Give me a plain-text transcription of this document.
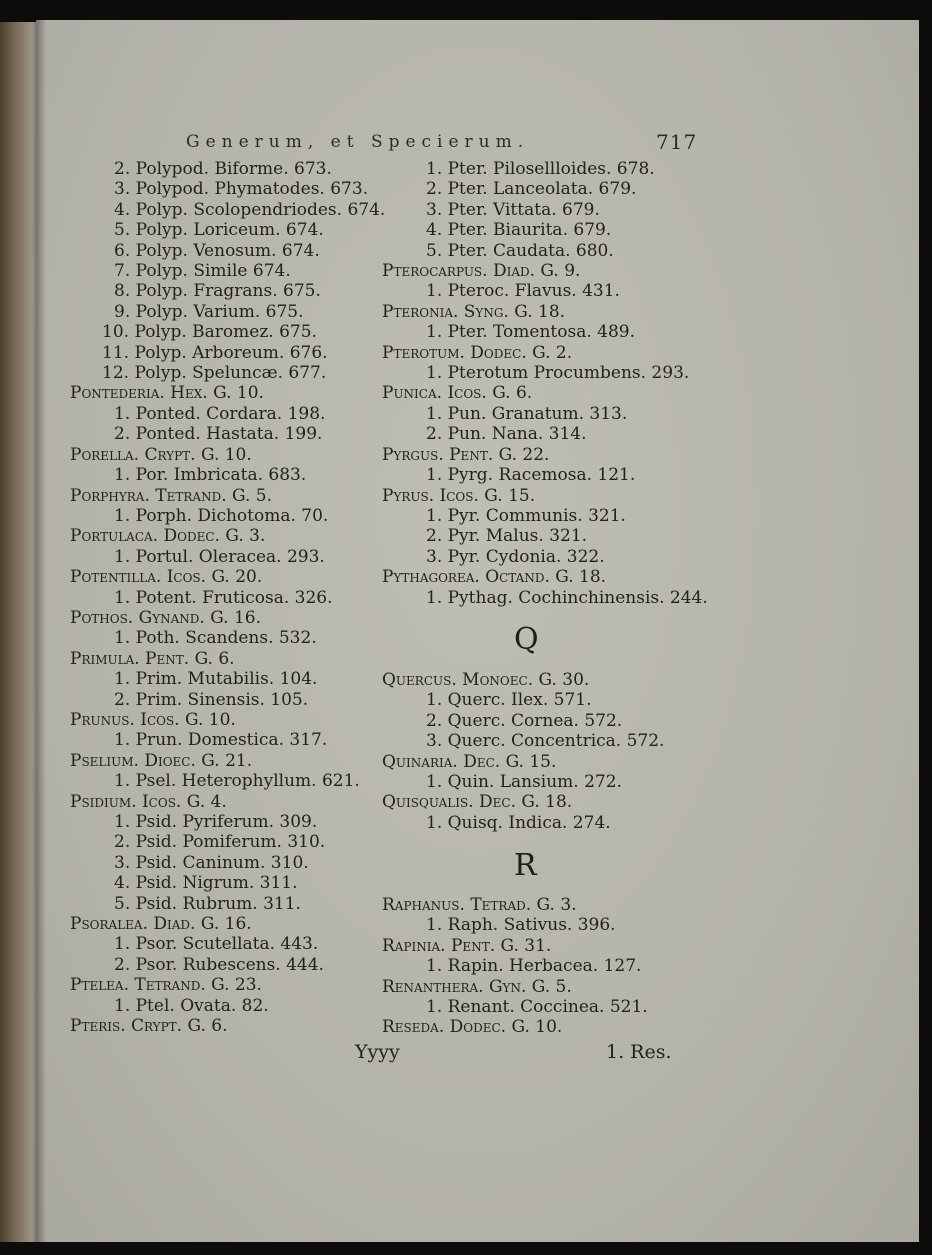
Generum, et Specierum.	717
2. Polypod. Biforme. 673.
3. Polypod. Phymatodes. 673.
4. Polyp. Scolopendriodes. 674.
5. Polyp. Loriceum. 674.
6. Polyp. Venosum. 674.
7. Polyp. Simile 674.
8. Polyp. Fragrans. 675.
9. Polyp. Varium. 675.
10. Polyp. Baromez. 675.
11. Polyp. Arboreum. 676.
12. Polyp. Speluncæ. 677.
Pontederia. Hex. G. 10.
1. Ponted. Cordara. 198.
2. Ponted. Hastata. 199.
Porella. Crypt. G. 10.
1. Por. Imbricata. 683.
Porphyra. Tetrand. G. 5.
1. Porph. Dichotoma. 70.
Portulaca. Dodec. G. 3.
1. Portul. Oleracea. 293.
Potentilla. Icos. G. 20.
1. Potent. Fruticosa. 326.
Pothos. Gynand. G. 16.
1. Poth. Scandens. 532.
Primula. Pent. G. 6.
1. Prim. Mutabilis. 104.
2. Prim. Sinensis. 105.
Prunus. Icos. G. 10.
1. Prun. Domestica. 317.
Pselium. Dioec. G. 21.
1. Psel. Heterophyllum. 621.
Psidium. Icos. G. 4.
1. Psid. Pyriferum. 309.
2. Psid. Pomiferum. 310.
3. Psid. Caninum. 310.
4. Psid. Nigrum. 311.
5. Psid. Rubrum. 311.
Psoralea. Diad. G. 16.
1. Psor. Scutellata. 443.
2. Psor. Rubescens. 444.
Ptelea. Tetrand. G. 23.
1. Ptel. Ovata. 82.
Pteris. Crypt. G. 6.
1. Pter. Pilosellloides. 678.
2. Pter. Lanceolata. 679.
3. Pter. Vittata. 679.
4. Pter. Biaurita. 679.
5. Pter. Caudata. 680.
Pterocarpus. Diad. G. 9.
1. Pteroc. Flavus. 431.
Pteronia. Syng. G. 18.
1. Pter. Tomentosa. 489.
Pterotum. Dodec. G. 2.
1. Pterotum Procumbens. 293.
Punica. Icos. G. 6.
1. Pun. Granatum. 313.
2. Pun. Nana. 314.
Pyrgus. Pent. G. 22.
1. Pyrg. Racemosa. 121.
Pyrus. Icos. G. 15.
1. Pyr. Communis. 321.
2. Pyr. Malus. 321.
3. Pyr. Cydonia. 322.
Pythagorea. Octand. G. 18.
1. Pythag. Cochinchinensis. 244.
Q
Quercus. Monoec. G. 30.
1. Querc. Ilex. 571.
2. Querc. Cornea. 572.
3. Querc. Concentrica. 572.
Quinaria. Dec. G. 15.
1. Quin. Lansium. 272.
Quisqualis. Dec. G. 18.
1. Quisq. Indica. 274.
R
Raphanus. Tetrad. G. 3.
1. Raph. Sativus. 396.
Rapinia. Pent. G. 31.
1. Rapin. Herbacea. 127.
Renanthera. Gyn. G. 5.
1. Renant. Coccinea. 521.
Reseda. Dodec. G. 10.
Yyyy	1. Res.
